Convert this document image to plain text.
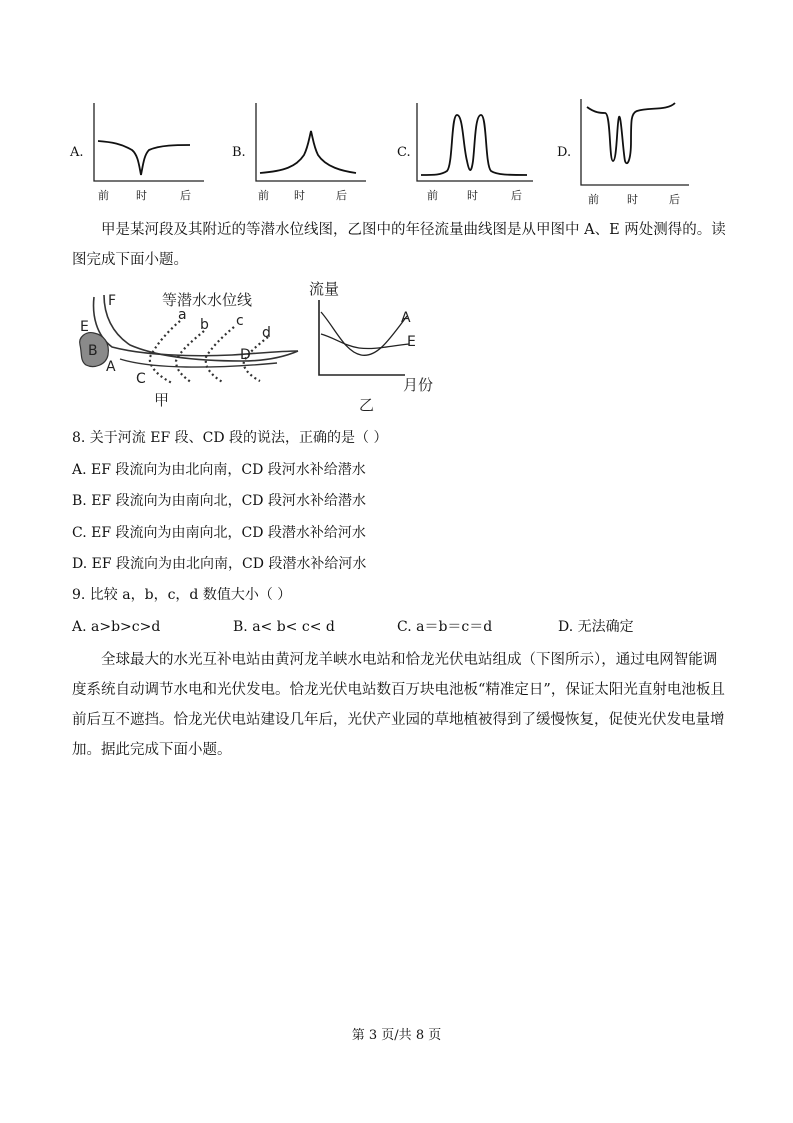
A.
前 时	后
B.
前 时	后
C.
前	时	后
D.
前	时	后
甲是某河段及其附近的等潜水位线图，乙图中的年径流量曲线图是从甲图中 A、E 两处测得的。读图完成下面小题。
等潜水水位线
F
E
B
A
C
D
a
b c
d
甲
流量
A
E
月份
乙
8. 关于河流 EF 段、CD 段的说法，正确的是（ ）
A. EF 段流向为由北向南，CD 段河水补给潜水
B. EF 段流向为由南向北，CD 段河水补给潜水
C. EF 段流向为由南向北，CD 段潜水补给河水
D. EF 段流向为由北向南，CD 段潜水补给河水
9. 比较 a，b，c，d 数值大小（ ）
A. a>b>c>d	B. a< b< c< d	C. a＝b＝c＝d	D. 无法确定
全球最大的水光互补电站由黄河龙羊峡水电站和恰龙光伏电站组成（下图所示），通过电网智能调度系统自动调节水电和光伏发电。恰龙光伏电站数百万块电池板“精准定日”，保证太阳光直射电池板且前后互不遮挡。恰龙光伏电站建设几年后，光伏产业园的草地植被得到了缓慢恢复，促使光伏发电量增加。据此完成下面小题。
第 3 页/共 8 页
